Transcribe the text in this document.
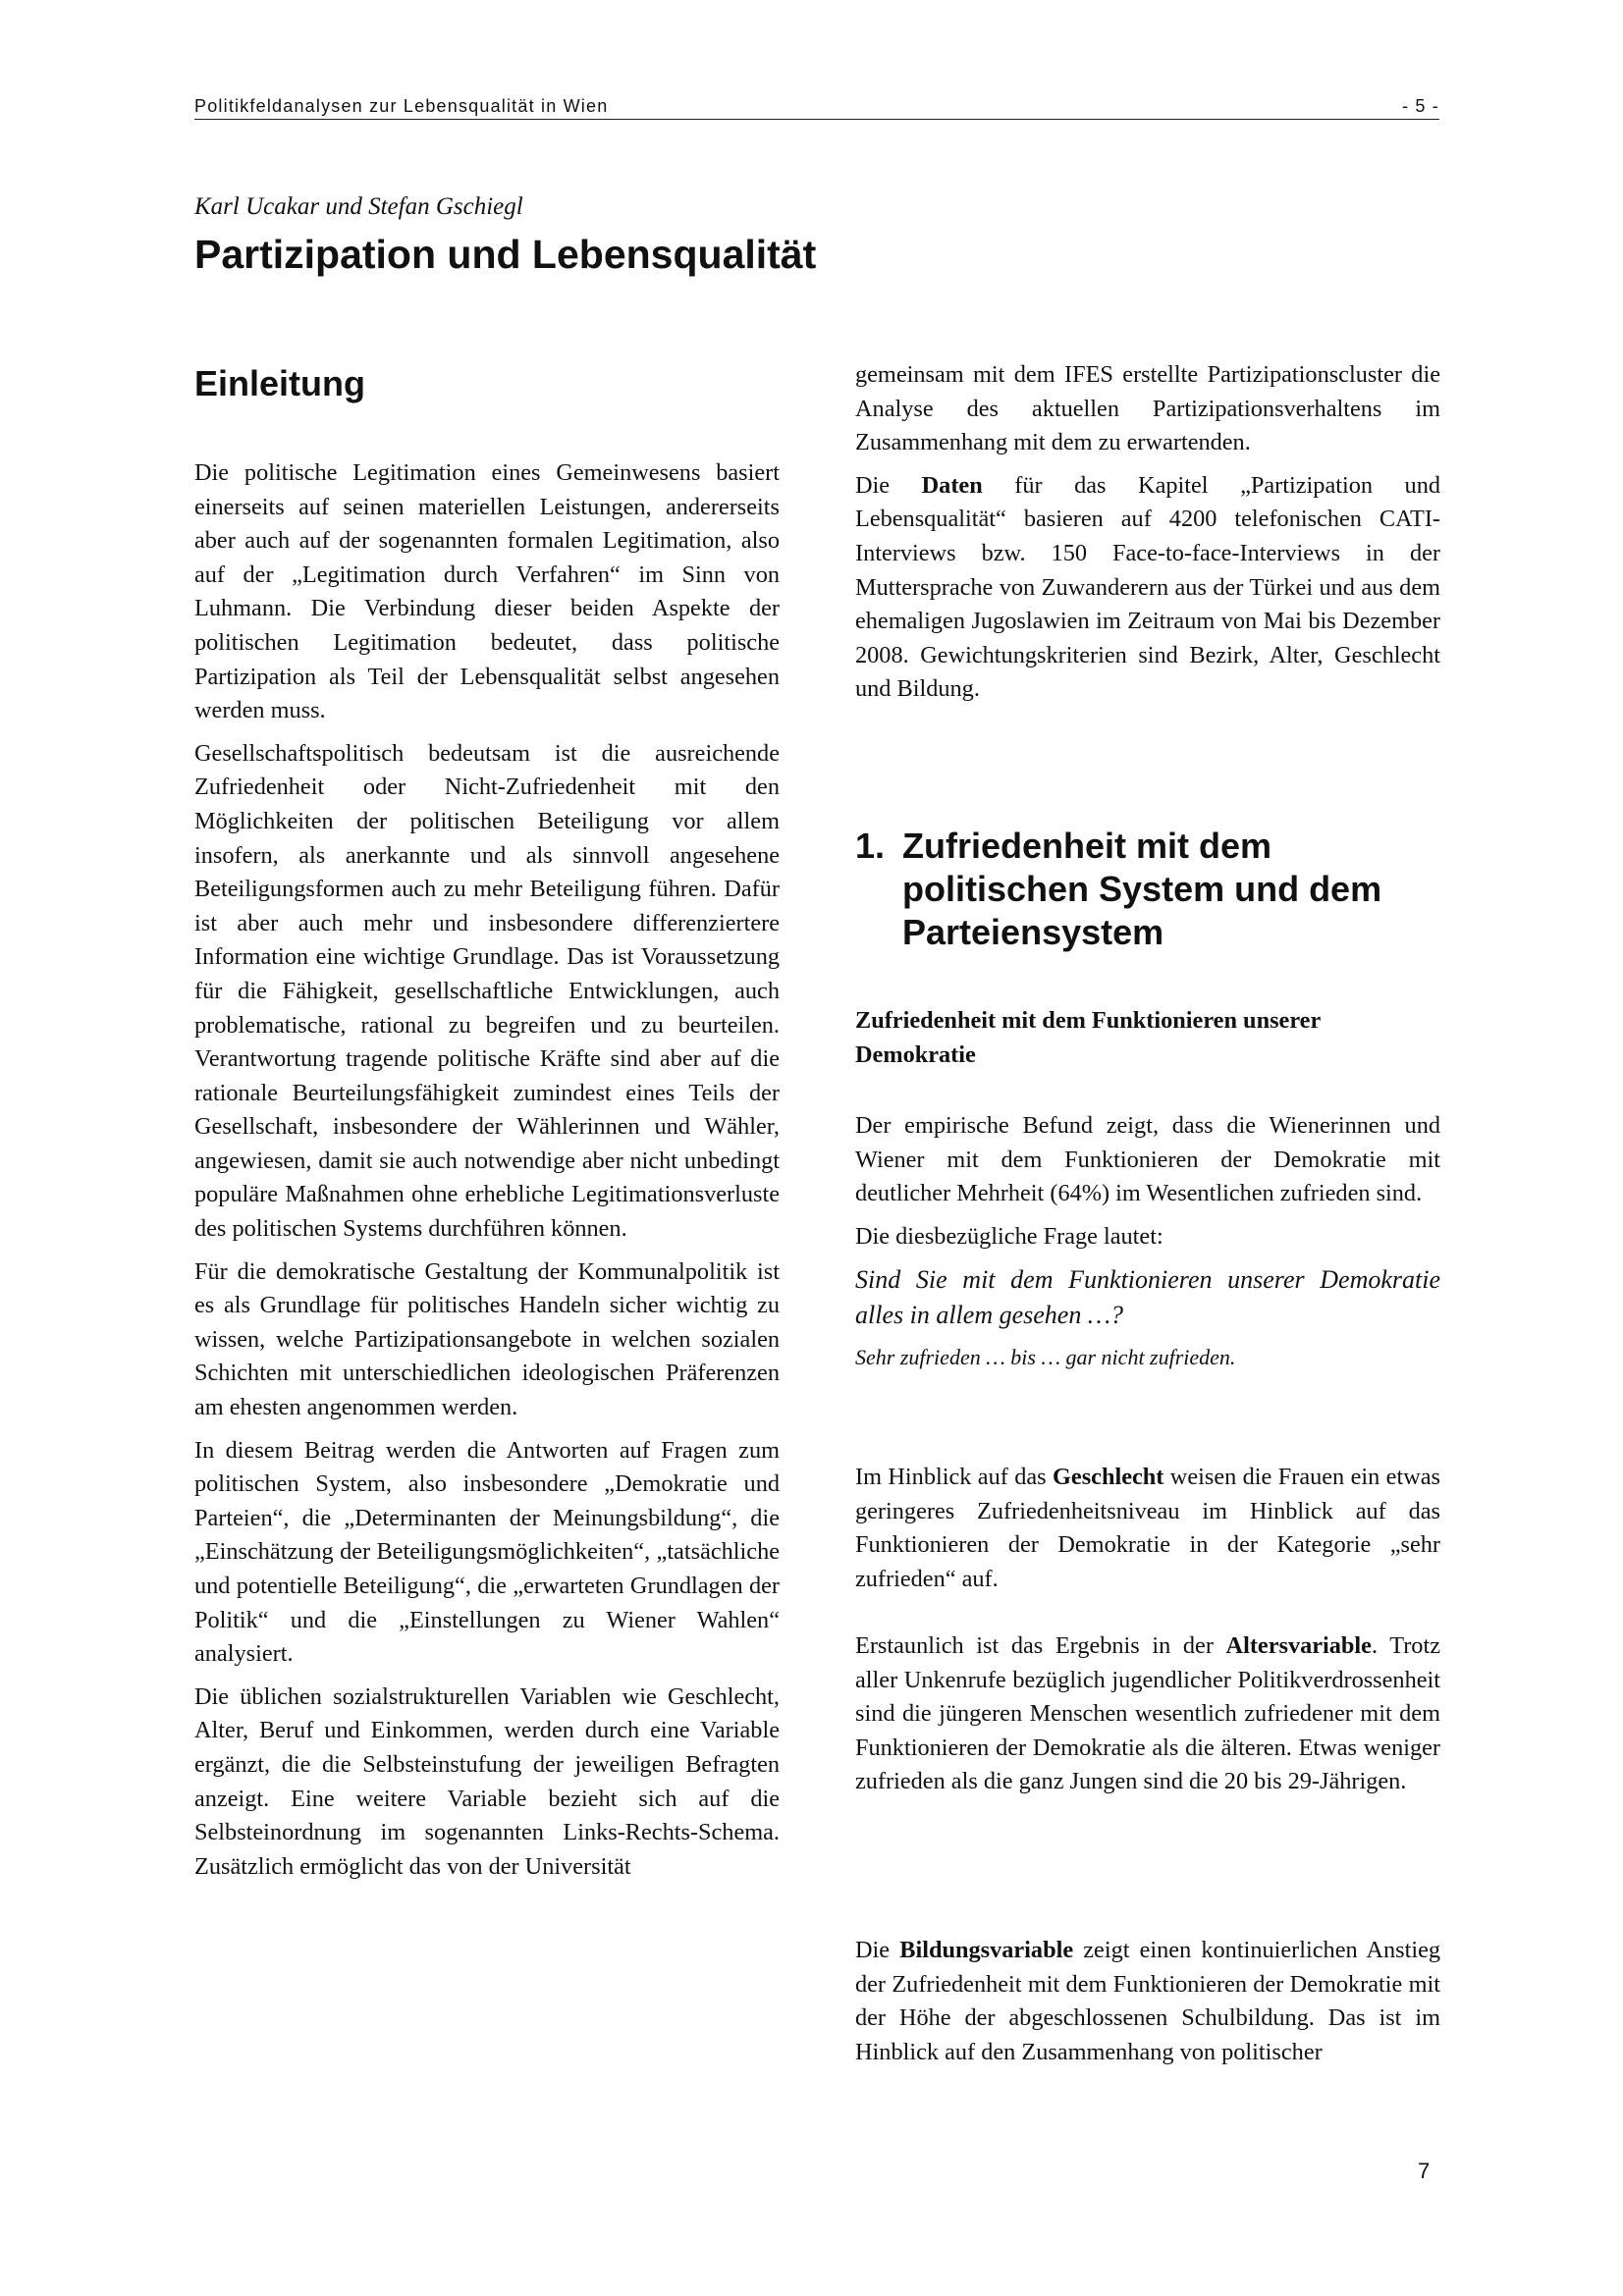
Politikfeldanalysen zur Lebensqualität in Wien	- 5 -
Karl Ucakar und Stefan Gschiegl
Partizipation und Lebensqualität
Einleitung

Die politische Legitimation eines Gemeinwesens basiert einerseits auf seinen materiellen Leistungen, andererseits aber auch auf der sogenannten formalen Legitimation, also auf der „Legitimation durch Verfahren“ im Sinn von Luhmann. Die Verbindung dieser beiden Aspekte der politischen Legitimation bedeutet, dass politische Partizipation als Teil der Lebensqualität selbst angesehen werden muss.

Gesellschaftspolitisch bedeutsam ist die ausreichende Zufriedenheit oder Nicht-Zufriedenheit mit den Möglichkeiten der politischen Beteiligung vor allem insofern, als anerkannte und als sinnvoll angesehene Beteiligungsformen auch zu mehr Beteiligung führen. Dafür ist aber auch mehr und insbesondere differenziertere Information eine wichtige Grundlage. Das ist Voraussetzung für die Fähigkeit, gesellschaftliche Entwicklungen, auch problematische, rational zu begreifen und zu beurteilen. Verantwortung tragende politische Kräfte sind aber auf die rationale Beurteilungsfähigkeit zumindest eines Teils der Gesellschaft, insbesondere der Wählerinnen und Wähler, angewiesen, damit sie auch notwendige aber nicht unbedingt populäre Maßnahmen ohne erhebliche Legitimationsverluste des politischen Systems durchführen können.

Für die demokratische Gestaltung der Kommunalpolitik ist es als Grundlage für politisches Handeln sicher wichtig zu wissen, welche Partizipationsangebote in welchen sozialen Schichten mit unterschiedlichen ideologischen Präferenzen am ehesten angenommen werden.

In diesem Beitrag werden die Antworten auf Fragen zum politischen System, also insbesondere „Demokratie und Parteien“, die „Determinanten der Meinungsbildung“, die „Einschätzung der Beteiligungsmöglichkeiten“, „tatsächliche und potentielle Beteiligung“, die „erwarteten Grundlagen der Politik“ und die „Einstellungen zu Wiener Wahlen“ analysiert.

Die üblichen sozialstrukturellen Variablen wie Geschlecht, Alter, Beruf und Einkommen, werden durch eine Variable ergänzt, die die Selbsteinstufung der jeweiligen Befragten anzeigt. Eine weitere Variable bezieht sich auf die Selbsteinordnung im sogenannten Links-Rechts-Schema. Zusätzlich ermöglicht das von der Universität

gemeinsam mit dem IFES erstellte Partizipationscluster die Analyse des aktuellen Partizipationsverhaltens im Zusammenhang mit dem zu erwartenden.

Die Daten für das Kapitel „Partizipation und Lebensqualität“ basieren auf 4200 telefonischen CATI-Interviews bzw. 150 Face-to-face-Interviews in der Muttersprache von Zuwanderern aus der Türkei und aus dem ehemaligen Jugoslawien im Zeitraum von Mai bis Dezember 2008. Gewichtungskriterien sind Bezirk, Alter, Geschlecht und Bildung.

1. Zufriedenheit mit dem politischen System und dem Parteiensystem
Zufriedenheit mit dem Funktionieren unserer Demokratie

Der empirische Befund zeigt, dass die Wienerinnen und Wiener mit dem Funktionieren der Demokratie mit deutlicher Mehrheit (64%) im Wesentlichen zufrieden sind.

Die diesbezügliche Frage lautet:

Sind Sie mit dem Funktionieren unserer Demokratie alles in allem gesehen …?

Sehr zufrieden … bis … gar nicht zufrieden.

Im Hinblick auf das Geschlecht weisen die Frauen ein etwas geringeres Zufriedenheitsniveau im Hinblick auf das Funktionieren der Demokratie in der Kategorie „sehr zufrieden“ auf.

Erstaunlich ist das Ergebnis in der Altersvariable. Trotz aller Unkenrufe bezüglich jugendlicher Politikverdrossenheit sind die jüngeren Menschen wesentlich zufriedener mit dem Funktionieren der Demokratie als die älteren. Etwas weniger zufrieden als die ganz Jungen sind die 20 bis 29-Jährigen.

Die Bildungsvariable zeigt einen kontinuierlichen Anstieg der Zufriedenheit mit dem Funktionieren der Demokratie mit der Höhe der abgeschlossenen Schulbildung. Das ist im Hinblick auf den Zusammenhang von politischer

7
